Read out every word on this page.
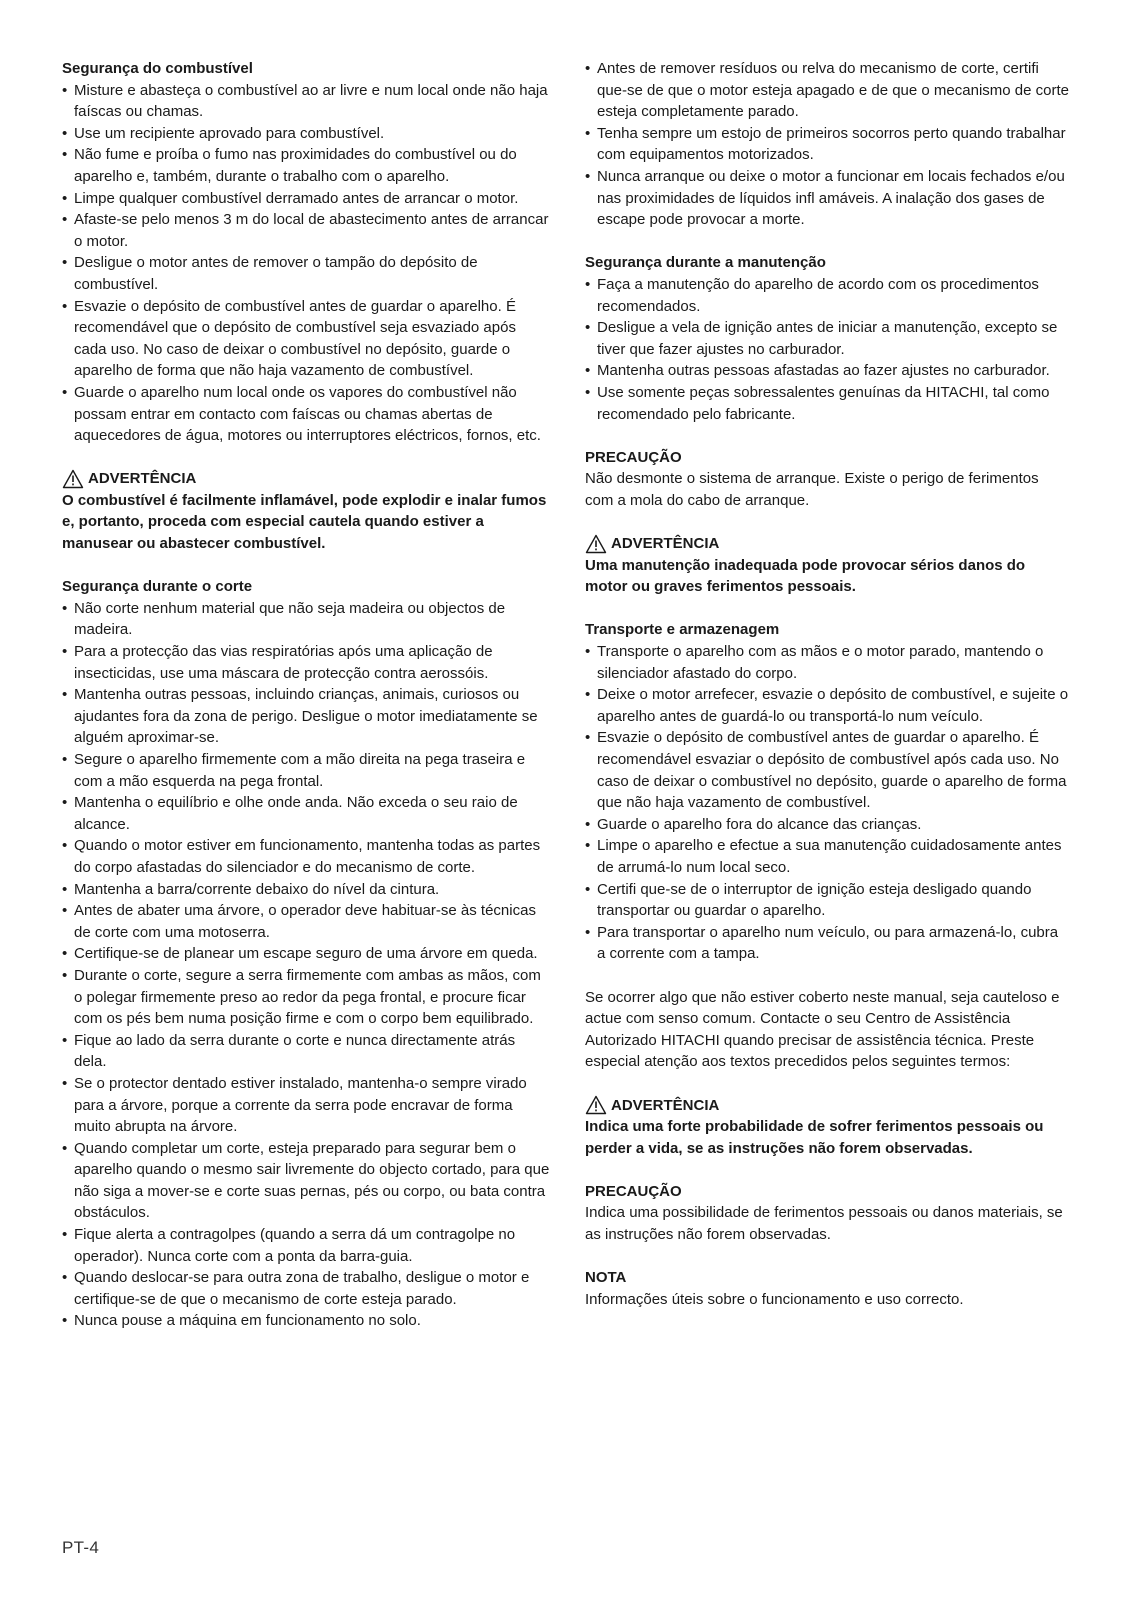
Segurança do combustível

• Misture e abasteça o combustível ao ar livre e num local onde não haja faíscas ou chamas.
• Use um recipiente aprovado para combustível.
• Não fume e proíba o fumo nas proximidades do combustível ou do aparelho e, também, durante o trabalho com o aparelho.
• Limpe qualquer combustível derramado antes de arrancar o motor.
• Afaste-se pelo menos 3 m do local de abastecimento antes de arrancar o motor.
• Desligue o motor antes de remover o tampão do depósito de combustível.
• Esvazie o depósito de combustível antes de guardar o aparelho. É recomendável que o depósito de combustível seja esvaziado após cada uso. No caso de deixar o combustível no depósito, guarde o aparelho de forma que não haja vazamento de combustível.
• Guarde o aparelho num local onde os vapores do combustível não possam entrar em contacto com faíscas ou chamas abertas de aquecedores de água, motores ou interruptores eléctricos, fornos, etc.

ADVERTÊNCIA

O combustível é facilmente inflamável, pode explodir e inalar fumos e, portanto, proceda com especial cautela quando estiver a manusear ou abastecer combustível.

Segurança durante o corte

• Não corte nenhum material que não seja madeira ou objectos de madeira.
• Para a protecção das vias respiratórias após uma aplicação de insecticidas, use uma máscara de protecção contra aerossóis.
• Mantenha outras pessoas, incluindo crianças, animais, curiosos ou ajudantes fora da zona de perigo. Desligue o motor imediatamente se alguém aproximar-se.
• Segure o aparelho firmemente com a mão direita na pega traseira e com a mão esquerda na pega frontal.
• Mantenha o equilíbrio e olhe onde anda. Não exceda o seu raio de alcance.
• Quando o motor estiver em funcionamento, mantenha todas as partes do corpo afastadas do silenciador e do mecanismo de corte.
• Mantenha a barra/corrente debaixo do nível da cintura.
• Antes de abater uma árvore, o operador deve habituar-se às técnicas de corte com uma motoserra.
• Certifique-se de planear um escape seguro de uma árvore em queda.
• Durante o corte, segure a serra firmemente com ambas as mãos, com o polegar firmemente preso ao redor da pega frontal, e procure ficar com os pés bem numa posição firme e com o corpo bem equilibrado.
• Fique ao lado da serra durante o corte e nunca directamente atrás dela.
• Se o protector dentado estiver instalado, mantenha-o sempre virado para a árvore, porque a corrente da serra pode encravar de forma muito abrupta na árvore.
• Quando completar um corte, esteja preparado para segurar bem o aparelho quando o mesmo sair livremente do objecto cortado, para que não siga a mover-se e corte suas pernas, pés ou corpo, ou bata contra obstáculos.
• Fique alerta a contragolpes (quando a serra dá um contragolpe no operador). Nunca corte com a ponta da barra-guia.
• Quando deslocar-se para outra zona de trabalho, desligue o motor e certifique-se de que o mecanismo de corte esteja parado.
• Nunca pouse a máquina em funcionamento no solo.
• Antes de remover resíduos ou relva do mecanismo de corte, certifi que-se de que o motor esteja apagado e de que o mecanismo de corte esteja completamente parado.
• Tenha sempre um estojo de primeiros socorros perto quando trabalhar com equipamentos motorizados.
• Nunca arranque ou deixe o motor a funcionar em locais fechados e/ou nas proximidades de líquidos infl amáveis. A inalação dos gases de escape pode provocar a morte.

Segurança durante a manutenção

• Faça a manutenção do aparelho de acordo com os procedimentos recomendados.
• Desligue a vela de ignição antes de iniciar a manutenção, excepto se tiver que fazer ajustes no carburador.
• Mantenha outras pessoas afastadas ao fazer ajustes no carburador.
• Use somente peças sobressalentes genuínas da HITACHI, tal como recomendado pelo fabricante.

PRECAUÇÃO

Não desmonte o sistema de arranque. Existe o perigo de ferimentos com a mola do cabo de arranque.

ADVERTÊNCIA

Uma manutenção inadequada pode provocar sérios danos do motor ou graves ferimentos pessoais.

Transporte e armazenagem

• Transporte o aparelho com as mãos e o motor parado, mantendo o silenciador afastado do corpo.
• Deixe o motor arrefecer, esvazie o depósito de combustível, e sujeite o aparelho antes de guardá-lo ou transportá-lo num veículo.
• Esvazie o depósito de combustível antes de guardar o aparelho. É recomendável esvaziar o depósito de combustível após cada uso. No caso de deixar o combustível no depósito, guarde o aparelho de forma que não haja vazamento de combustível.
• Guarde o aparelho fora do alcance das crianças.
• Limpe o aparelho e efectue a sua manutenção cuidadosamente antes de arrumá-lo num local seco.
• Certifi que-se de o interruptor de ignição esteja desligado quando transportar ou guardar o aparelho.
• Para transportar o aparelho num veículo, ou para armazená-lo, cubra a corrente com a tampa.

Se ocorrer algo que não estiver coberto neste manual, seja cauteloso e actue com senso comum. Contacte o seu Centro de Assistência Autorizado HITACHI quando precisar de assistência técnica. Preste especial atenção aos textos precedidos pelos seguintes termos:

ADVERTÊNCIA

Indica uma forte probabilidade de sofrer ferimentos pessoais ou perder a vida, se as instruções não forem observadas.

PRECAUÇÃO

Indica uma possibilidade de ferimentos pessoais ou danos materiais, se as instruções não forem observadas.

NOTA

Informações úteis sobre o funcionamento e uso correcto.

PT-4
